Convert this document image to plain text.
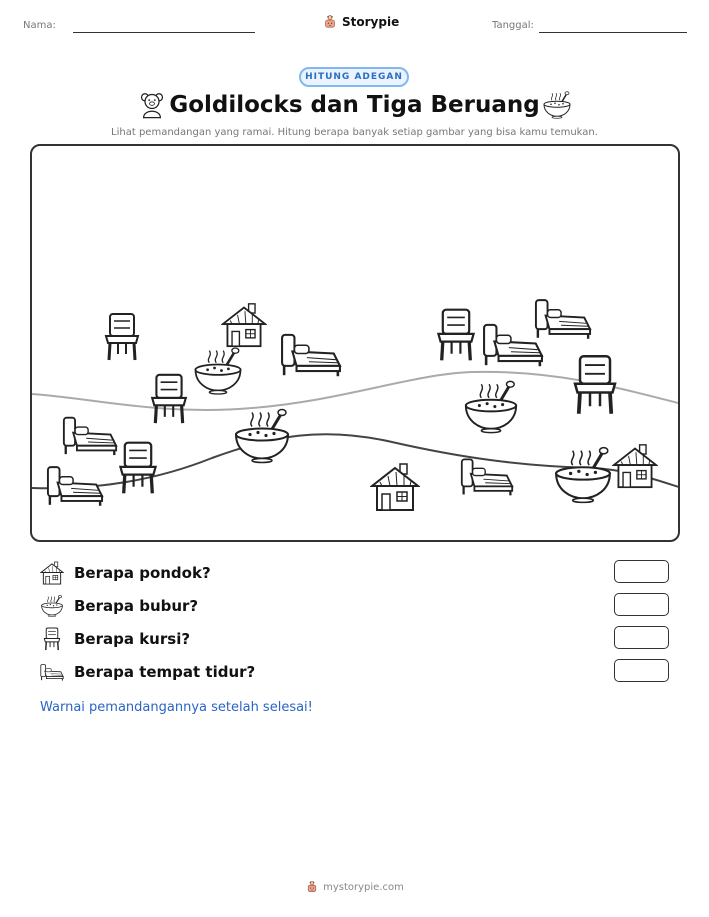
Nama:	Storypie	Tanggal:
HITUNG ADEGAN
Goldilocks dan Tiga Beruang
Lihat pemandangan yang ramai. Hitung berapa banyak setiap gambar yang bisa kamu temukan.
Berapa pondok?
Berapa bubur?
Berapa kursi?
Berapa tempat tidur?
Warnai pemandangannya setelah selesai!
mystorypie.com
